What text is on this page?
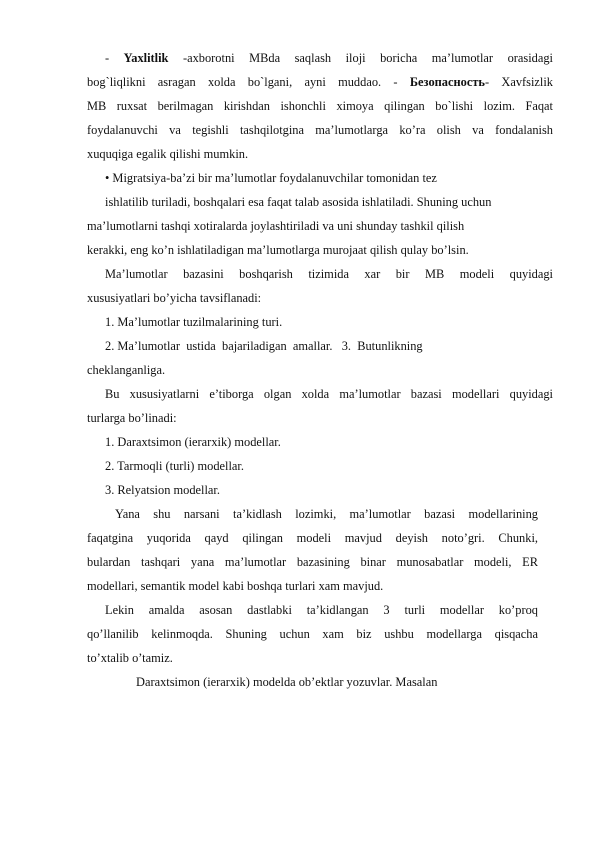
- Yaxlitlik -axborotni MBda saqlash iloji boricha ma’lumotlar orasidagi
bog`liqlikni asragan xolda bo`lgani, ayni muddao. - Безопасность- Xavfsizlik
MB ruxsat berilmagan kirishdan ishonchli ximoya qilingan bo`lishi lozim. Faqat
foydalanuvchi va tegishli tashqilotgina ma’lumotlarga ko’ra olish va fondalanish
xuquqiga egalik qilishi mumkin.
• Migratsiya-ba’zi bir ma’lumotlar foydalanuvchilar tomonidan tez
ishlatilib turiladi, boshqalari esa faqat talab asosida ishlatiladi. Shuning uchun
ma’lumotlarni tashqi xotiralarda joylashtiriladi va uni shunday tashkil qilish
kerakki, eng ko’n ishlatiladigan ma’lumotlarga murojaat qilish qulay bo’lsin.
Ma’lumotlar bazasini boshqarish tizimida xar bir MB modeli quyidagi
xususiyatlari bo’yicha tavsiflanadi:
1. Ma’lumotlar tuzilmalarining turi.
2. Ma’lumotlar  ustida  bajariladigan  amallar.   3.  Butunlikning
cheklanganliga.
Bu xususiyatlarni e’tiborga olgan xolda ma’lumotlar bazasi modellari quyidagi
turlarga bo’linadi:
1. Daraxtsimon (ierarxik) modellar.
2. Tarmoqli (turli) modellar.
3. Relyatsion modellar.
Yana shu narsani ta’kidlash lozimki, ma’lumotlar bazasi modellarining
faqatgina yuqorida qayd qilingan modeli mavjud deyish noto’gri. Chunki,
bulardan tashqari yana ma’lumotlar bazasining binar munosabatlar modeli, ER
modellari, semantik model kabi boshqa turlari xam mavjud.
Lekin amalda asosan dastlabki ta’kidlangan 3 turli modellar ko’proq
qo’llanilib kelinmoqda. Shuning uchun xam biz ushbu modellarga qisqacha
to’xtalib o’tamiz.
Daraxtsimon (ierarxik) modelda ob’ektlar yozuvlar. Masalan
